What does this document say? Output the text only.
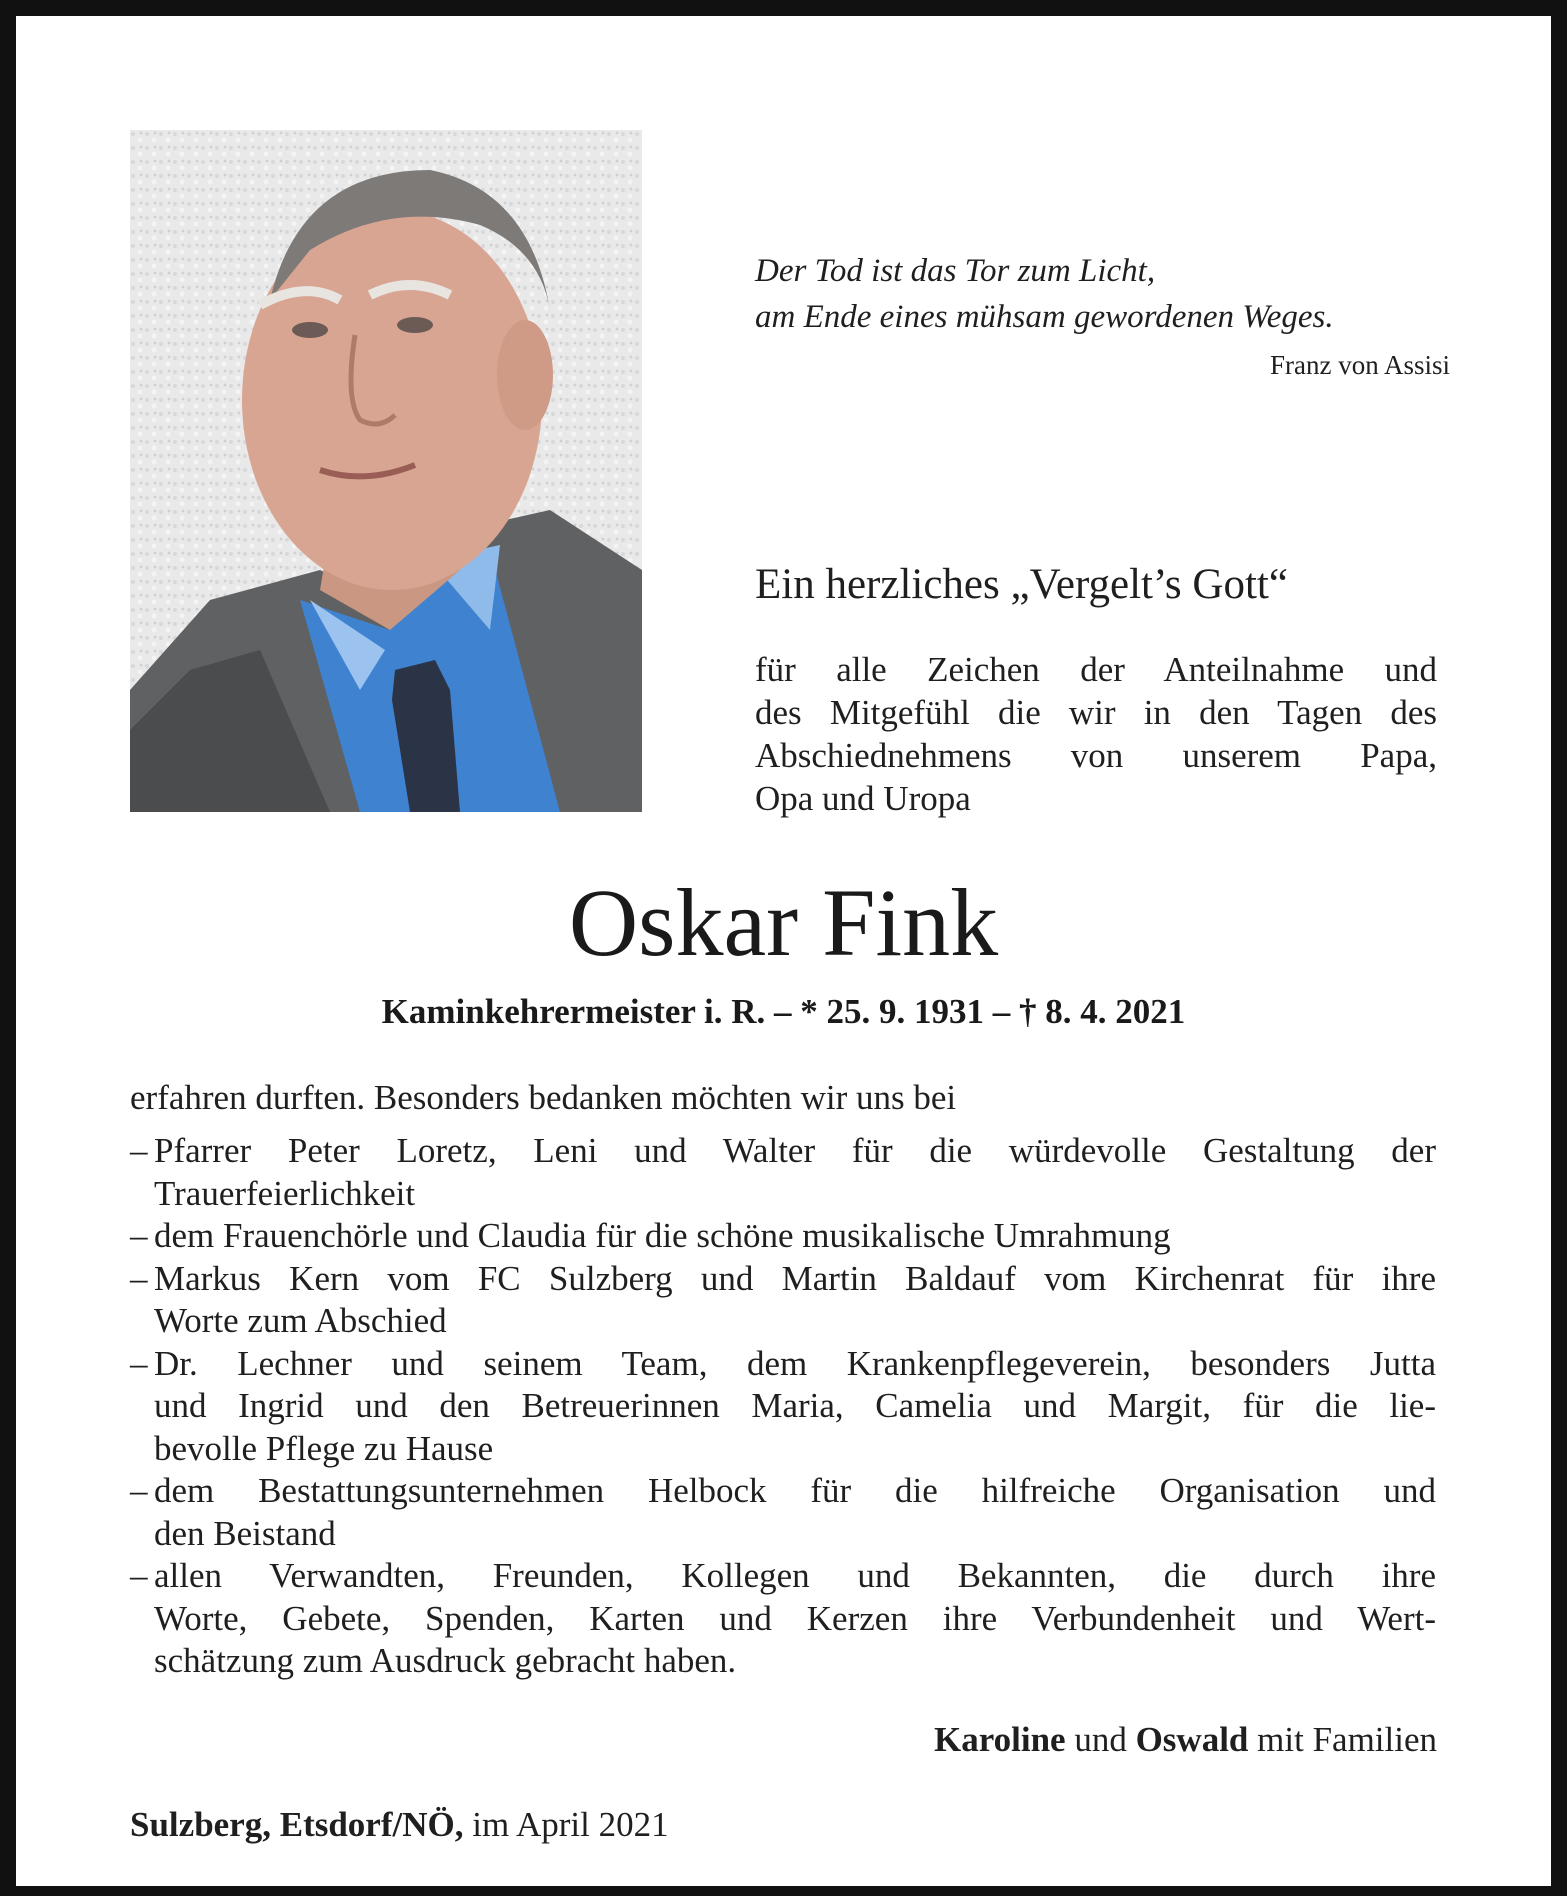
Der Tod ist das Tor zum Licht,
am Ende eines mühsam gewordenen Weges.
Franz von Assisi
Ein herzliches „Vergelt’s Gott“
für alle Zeichen der Anteilnahme und
des Mitgefühl die wir in den Tagen des
Abschiednehmens von unserem Papa,
Opa und Uropa
Oskar Fink
Kaminkehrermeister i. R. – * 25. 9. 1931 – † 8. 4. 2021
erfahren durften. Besonders bedanken möchten wir uns bei
– Pfarrer Peter Loretz, Leni und Walter für die würdevolle Gestaltung der
Trauerfeierlichkeit
– dem Frauenchörle und Claudia für die schöne musikalische Umrahmung
– Markus Kern vom FC Sulzberg und Martin Baldauf vom Kirchenrat für ihre
Worte zum Abschied
– Dr. Lechner und seinem Team, dem Krankenpflegeverein, besonders Jutta
und Ingrid und den Betreuerinnen Maria, Camelia und Margit, für die lie-
bevolle Pflege zu Hause
– dem Bestattungsunternehmen Helbock für die hilfreiche Organisation und
den Beistand
– allen Verwandten, Freunden, Kollegen und Bekannten, die durch ihre
Worte, Gebete, Spenden, Karten und Kerzen ihre Verbundenheit und Wert-
schätzung zum Ausdruck gebracht haben.
Karoline und Oswald mit Familien
Sulzberg, Etsdorf/NÖ, im April 2021
